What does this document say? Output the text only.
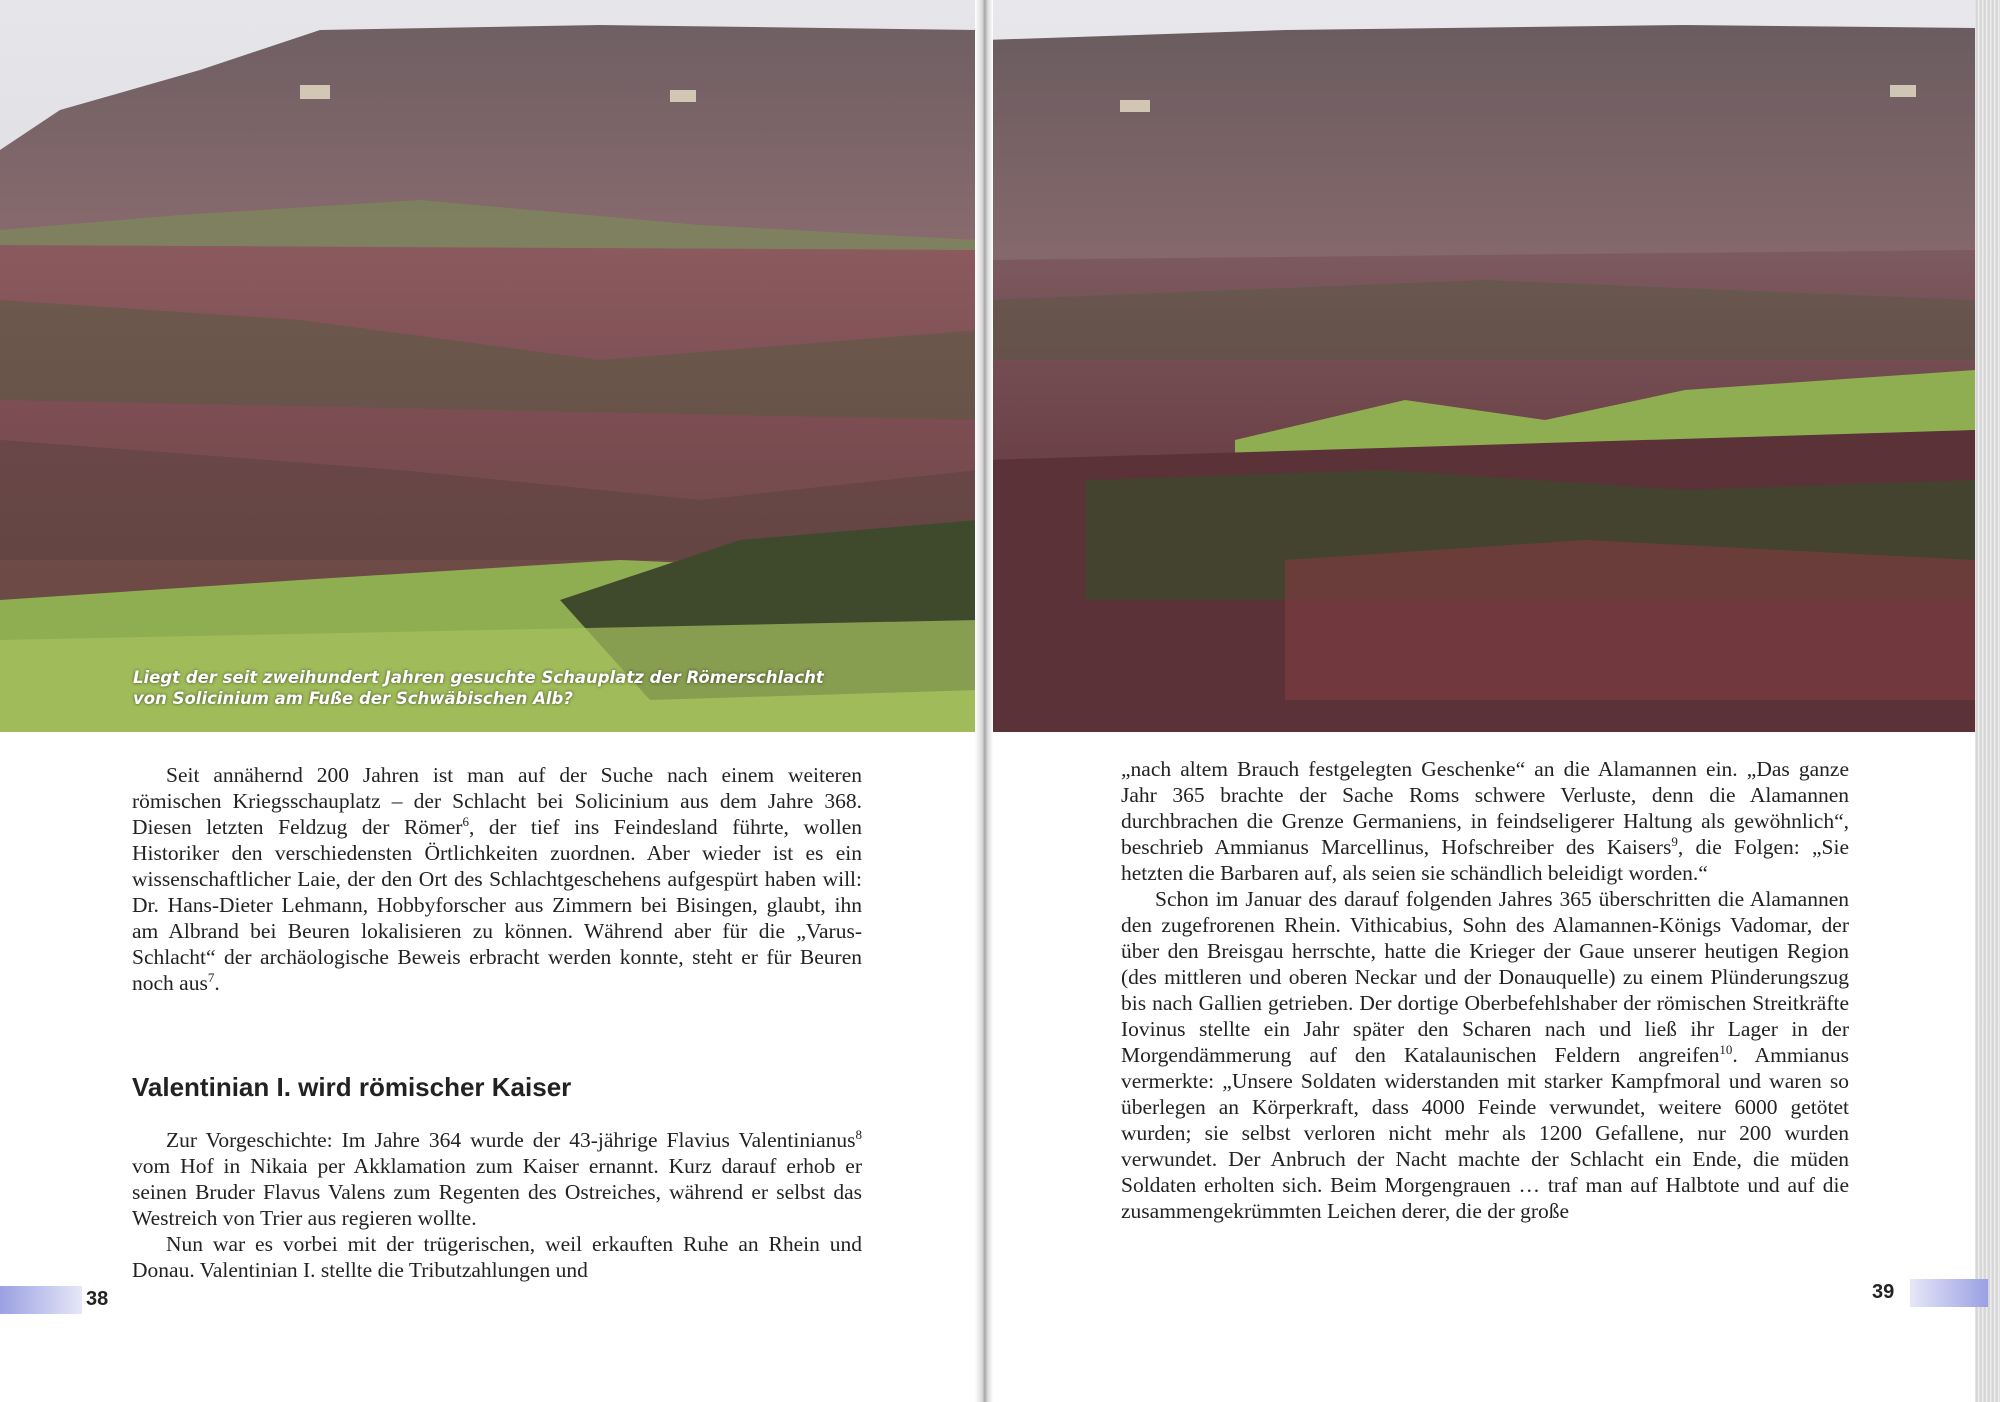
Liegt der seit zweihundert Jahren gesuchte Schauplatz der Römerschlacht
von Solicinium am Fuße der Schwäbischen Alb?

Seit annähernd 200 Jahren ist man auf der Suche nach einem weiteren römischen Kriegsschauplatz – der Schlacht bei Solicinium aus dem Jahre 368. Diesen letzten Feldzug der Römer$^6$, der tief ins Feindesland führte, wollen Historiker den verschiedensten Örtlichkeiten zuordnen. Aber wieder ist es ein wissenschaftlicher Laie, der den Ort des Schlachtgeschehens aufgespürt haben will: Dr. Hans-Dieter Lehmann, Hobbyforscher aus Zimmern bei Bisingen, glaubt, ihn am Albrand bei Beuren lokalisieren zu können. Während aber für die „Varus-Schlacht“ der archäologische Beweis erbracht werden konnte, steht er für Beuren noch aus$^7$.

Valentinian I. wird römischer Kaiser

Zur Vorgeschichte: Im Jahre 364 wurde der 43-jährige Flavius Valentinianus$^8$ vom Hof in Nikaia per Akklamation zum Kaiser ernannt. Kurz darauf erhob er seinen Bruder Flavus Valens zum Regenten des Ostreiches, während er selbst das Westreich von Trier aus regieren wollte.

Nun war es vorbei mit der trügerischen, weil erkauften Ruhe an Rhein und Donau. Valentinian I. stellte die Tributzahlungen und

„nach altem Brauch festgelegten Geschenke“ an die Alamannen ein. „Das ganze Jahr 365 brachte der Sache Roms schwere Verluste, denn die Alamannen durchbrachen die Grenze Germaniens, in feindseligerer Haltung als gewöhnlich“, beschrieb Ammianus Marcellinus, Hofschreiber des Kaisers$^9$, die Folgen: „Sie hetzten die Barbaren auf, als seien sie schändlich beleidigt worden.“

Schon im Januar des darauf folgenden Jahres 365 überschritten die Alamannen den zugefrorenen Rhein. Vithicabius, Sohn des Alamannen-Königs Vadomar, der über den Breisgau herrschte, hatte die Krieger der Gaue unserer heutigen Region (des mittleren und oberen Neckar und der Donauquelle) zu einem Plünderungszug bis nach Gallien getrieben. Der dortige Oberbefehlshaber der römischen Streitkräfte Iovinus stellte ein Jahr später den Scharen nach und ließ ihr Lager in der Morgendämmerung auf den Katalaunischen Feldern angreifen$^{10}$. Ammianus vermerkte: „Unsere Soldaten widerstanden mit starker Kampfmoral und waren so überlegen an Körperkraft, dass 4000 Feinde verwundet, weitere 6000 getötet wurden; sie selbst verloren nicht mehr als 1200 Gefallene, nur 200 wurden verwundet. Der Anbruch der Nacht machte der Schlacht ein Ende, die müden Soldaten erholten sich. Beim Morgengrauen … traf man auf Halbtote und auf die zusammengekrümmten Leichen derer, die der große

38	39
